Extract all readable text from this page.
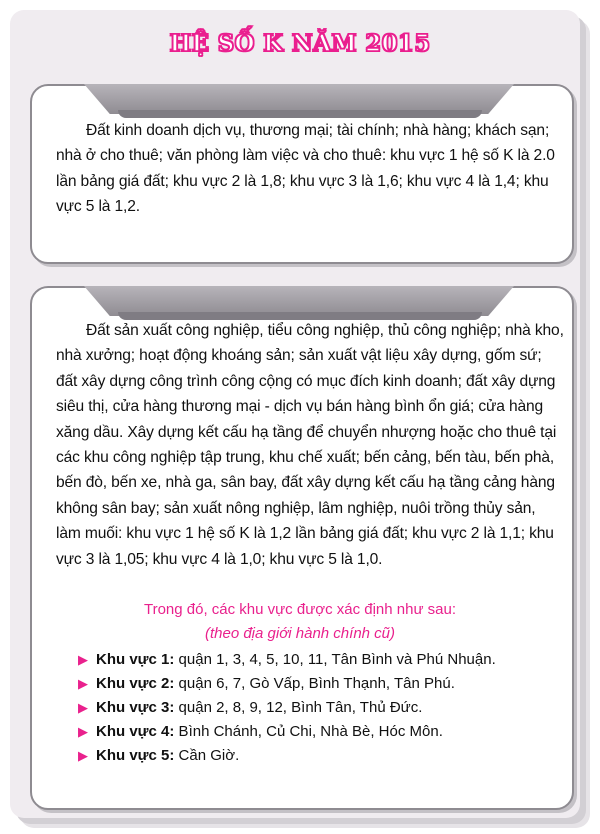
HỆ SỐ K NĂM 2015
Đất kinh doanh dịch vụ, thương mại; tài chính; nhà hàng; khách sạn; nhà ở cho thuê; văn phòng làm việc và cho thuê: khu vực 1 hệ số K là 2.0 lần bảng giá đất; khu vực 2 là 1,8; khu vực 3 là 1,6; khu vực 4 là 1,4; khu vực 5 là 1,2.
Đất sản xuất công nghiệp, tiểu công nghiệp, thủ công nghiệp; nhà kho, nhà xưởng; hoạt động khoáng sản; sản xuất vật liệu xây dựng, gốm sứ; đất xây dựng công trình công cộng có mục đích kinh doanh; đất xây dựng siêu thị, cửa hàng thương mại - dịch vụ bán hàng bình ổn giá; cửa hàng xăng dầu. Xây dựng kết cấu hạ tầng để chuyển nhượng hoặc cho thuê tại các khu công nghiệp tập trung, khu chế xuất; bến cảng, bến tàu, bến phà, bến đò, bến xe, nhà ga, sân bay, đất xây dựng kết cấu hạ tầng cảng hàng không sân bay; sản xuất nông nghiệp, lâm nghiệp, nuôi trồng thủy sản, làm muối: khu vực 1 hệ số K là 1,2 lần bảng giá đất; khu vực 2 là 1,1; khu vực 3 là 1,05; khu vực 4 là 1,0; khu vực 5 là 1,0.
Trong đó, các khu vực được xác định như sau:
(theo địa giới hành chính cũ)
▶ Khu vực 1: quận 1, 3, 4, 5, 10, 11, Tân Bình và Phú Nhuận.
▶ Khu vực 2: quận 6, 7, Gò Vấp, Bình Thạnh, Tân Phú.
▶ Khu vực 3: quận 2, 8, 9, 12, Bình Tân, Thủ Đức.
▶ Khu vực 4: Bình Chánh, Củ Chi, Nhà Bè, Hóc Môn.
▶ Khu vực 5: Cần Giờ.
